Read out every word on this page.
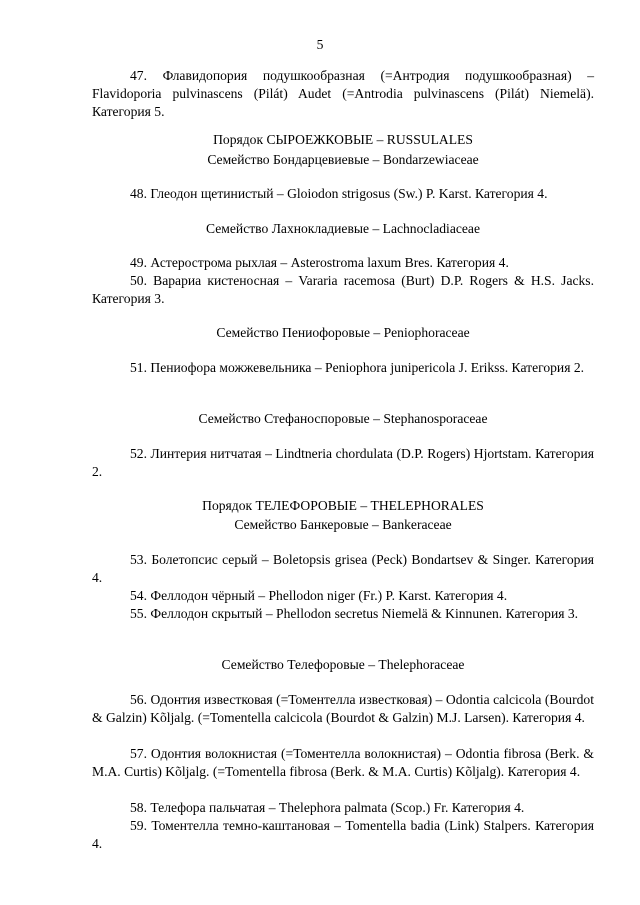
5

47. Флавидопория подушкообразная (=Антродия подушкообразная) – Flavidoporia pulvinascens (Pilát) Audet (=Antrodia pulvinascens (Pilát) Niemelä). Категория 5.

Порядок СЫРОЕЖКОВЫЕ – RUSSULALES

Семейство Бондарцевиевые – Bondarzewiaceae

48. Глеодон щетинистый – Gloiodon strigosus (Sw.) P. Karst. Категория 4.

Семейство Лахнокладиевые – Lachnocladiaceae

49. Астерострома рыхлая – Asterostroma laxum Bres. Категория 4.

50. Варариа кистеносная – Vararia racemosa (Burt) D.P. Rogers & H.S. Jacks. Категория 3.

Семейство Пениофоровые – Peniophoraceae

51. Пениофора можжевельника – Peniophora junipericola J. Erikss. Категория 2.

Семейство Стефаноспоровые – Stephanosporaceae

52. Линтерия нитчатая – Lindtneria chordulata (D.P. Rogers) Hjortstam. Категория 2.

Порядок ТЕЛЕФОРОВЫЕ – THELEPHORALES

Семейство Банкеровые – Bankeraceae

53. Болетопсис серый – Boletopsis grisea (Peck) Bondartsev & Singer. Категория 4.

54. Феллодон чёрный – Phellodon niger (Fr.) P. Karst. Категория 4.

55. Феллодон скрытый – Phellodon secretus Niemelä & Kinnunen. Категория 3.

Семейство Телефоровые – Thelephoraceae

56. Одонтия известковая (=Томентелла известковая) – Odontia calcicola (Bourdot & Galzin) Kõljalg. (=Tomentella calcicola (Bourdot & Galzin) M.J. Larsen). Категория 4.

57. Одонтия волокнистая (=Томентелла волокнистая) – Odontia fibrosa (Berk. & M.A. Curtis) Kõljalg. (=Tomentella fibrosa (Berk. & M.A. Curtis) Kõljalg). Категория 4.

58. Телефора пальчатая – Thelephora palmata (Scop.) Fr. Категория 4.

59. Томентелла темно-каштановая – Tomentella badia (Link) Stalpers. Категория 4.
